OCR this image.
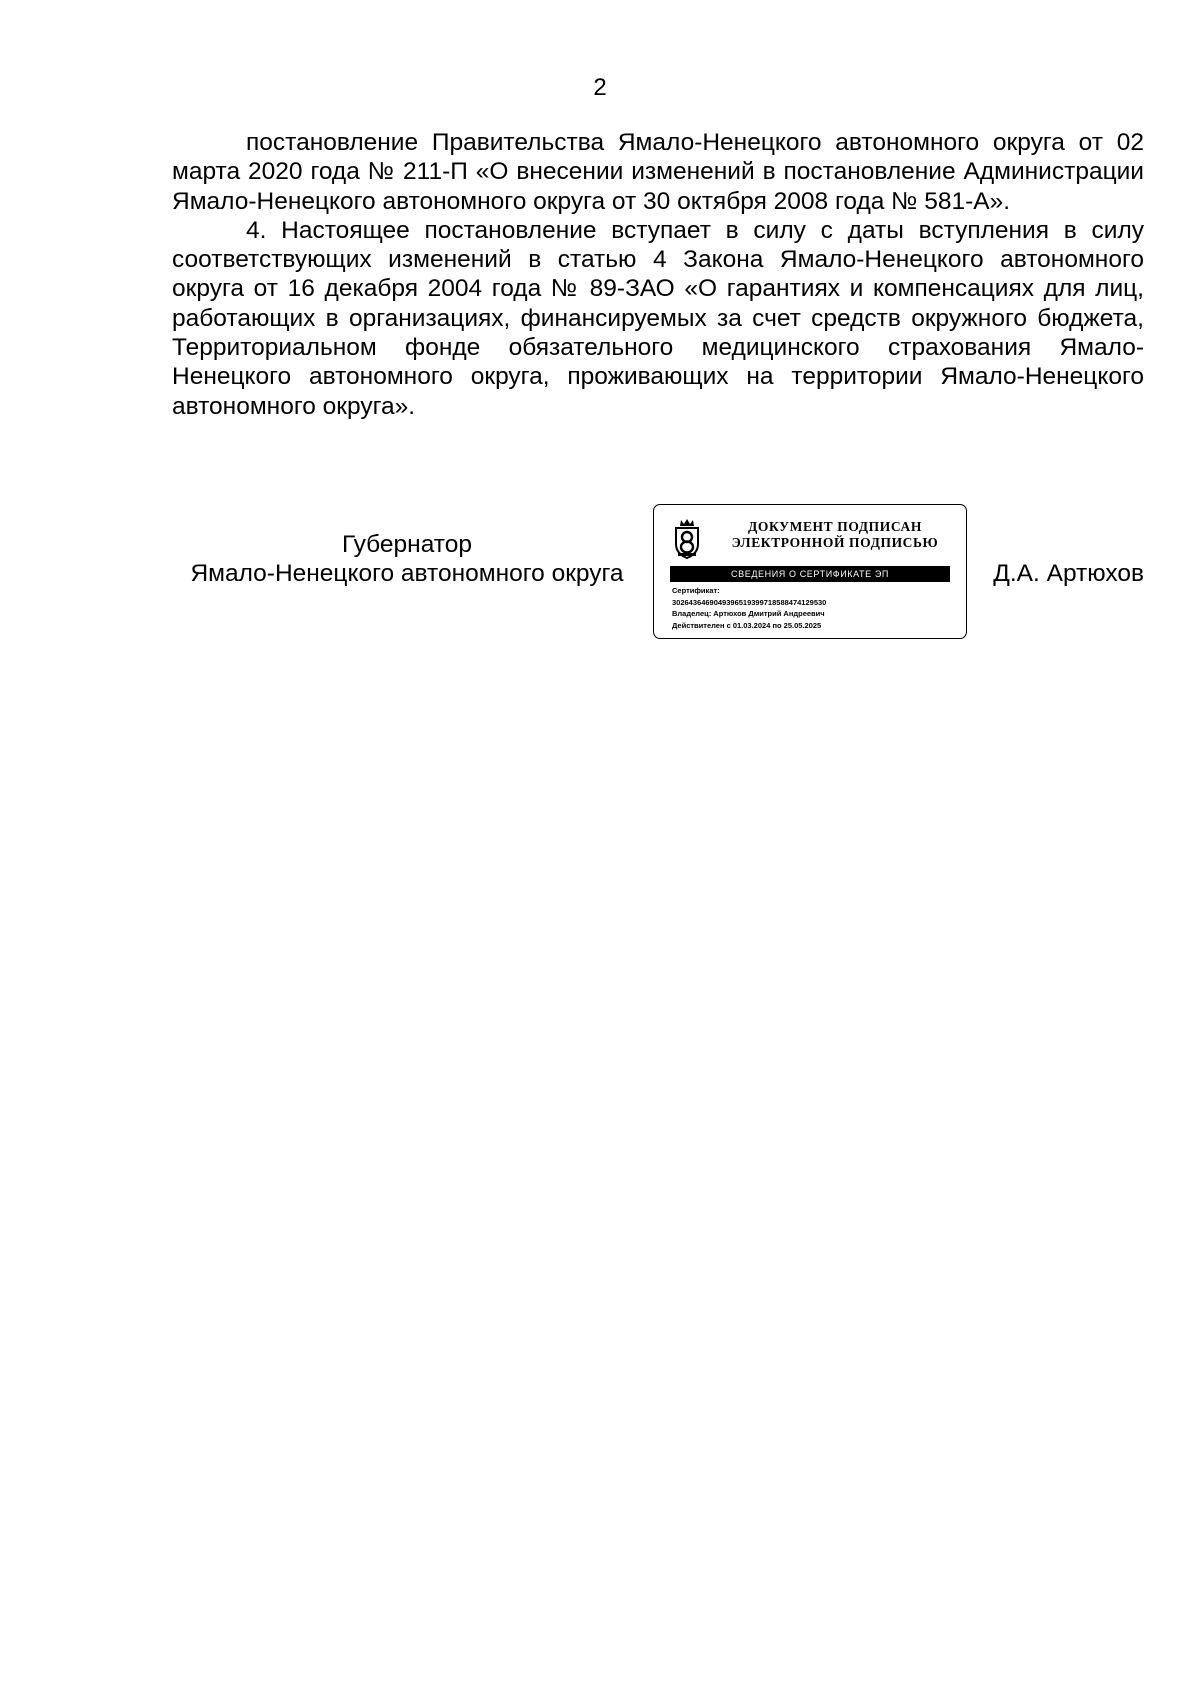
2

постановление Правительства Ямало-Ненецкого автономного округа от 02 марта 2020 года № 211-П «О внесении изменений в постановление Администрации Ямало-Ненецкого автономного округа от 30 октября 2008 года № 581-А».

4. Настоящее постановление вступает в силу с даты вступления в силу соответствующих изменений в статью 4 Закона Ямало-Ненецкого автономного округа от 16 декабря 2004 года № 89-ЗАО «О гарантиях и компенсациях для лиц, работающих в организациях, финансируемых за счет средств окружного бюджета, Территориальном фонде обязательного медицинского страхования Ямало-Ненецкого автономного округа, проживающих на территории Ямало-Ненецкого автономного округа».

Губернатор
Ямало-Ненецкого автономного округа
ДОКУМЕНТ ПОДПИСАН
ЭЛЕКТРОННОЙ ПОДПИСЬЮ
СВЕДЕНИЯ О СЕРТИФИКАТЕ ЭП
Сертификат:
3026436469049396519399718588474129530
Владелец: Артюхов Дмитрий Андреевич
Действителен с 01.03.2024 по 25.05.2025
Д.А. Артюхов
